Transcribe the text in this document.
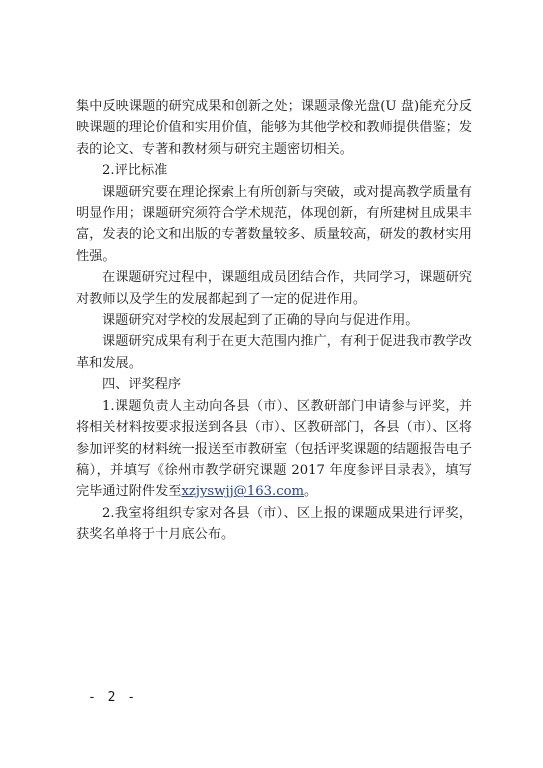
集中反映课题的研究成果和创新之处；课题录像光盘(U 盘)能充分反映课题的理论价值和实用价值，能够为其他学校和教师提供借鉴；发表的论文、专著和教材须与研究主题密切相关。

2.评比标准

课题研究要在理论探索上有所创新与突破，或对提高教学质量有明显作用；课题研究须符合学术规范，体现创新，有所建树且成果丰富，发表的论文和出版的专著数量较多、质量较高，研发的教材实用性强。

在课题研究过程中，课题组成员团结合作，共同学习，课题研究对教师以及学生的发展都起到了一定的促进作用。

课题研究对学校的发展起到了正确的导向与促进作用。

课题研究成果有利于在更大范围内推广，有利于促进我市教学改革和发展。

四、评奖程序

1.课题负责人主动向各县（市）、区教研部门申请参与评奖，并将相关材料按要求报送到各县（市）、区教研部门，各县（市）、区将参加评奖的材料统一报送至市教研室（包括评奖课题的结题报告电子稿），并填写《徐州市教学研究课题 2017 年度参评目录表》，填写完毕通过附件发至xzjyswjj@163.com。

2.我室将组织专家对各县（市）、区上报的课题成果进行评奖，获奖名单将于十月底公布。

- 2 -
